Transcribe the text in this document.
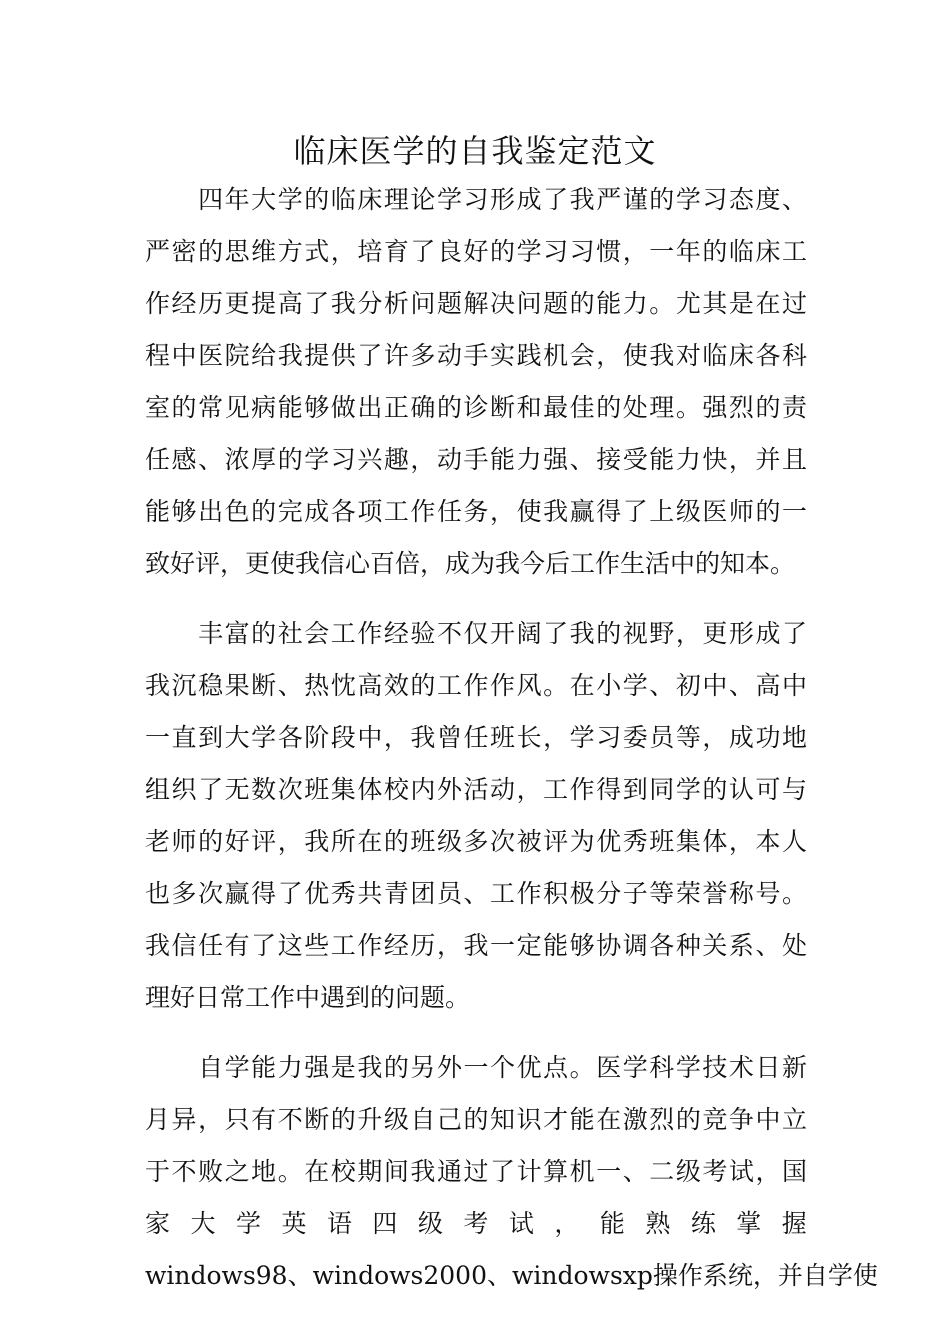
临床医学的自我鉴定范文
　　四年大学的临床理论学习形成了我严谨的学习态度、
严密的思维方式，培育了良好的学习习惯，一年的临床工
作经历更提高了我分析问题解决问题的能力。尤其是在过
程中医院给我提供了许多动手实践机会，使我对临床各科
室的常见病能够做出正确的诊断和最佳的处理。强烈的责
任感、浓厚的学习兴趣，动手能力强、接受能力快，并且
能够出色的完成各项工作任务，使我赢得了上级医师的一
致好评，更使我信心百倍，成为我今后工作生活中的知本。
　　丰富的社会工作经验不仅开阔了我的视野，更形成了
我沉稳果断、热忱高效的工作作风。在小学、初中、高中
一直到大学各阶段中，我曾任班长，学习委员等，成功地
组织了无数次班集体校内外活动，工作得到同学的认可与
老师的好评，我所在的班级多次被评为优秀班集体，本人
也多次赢得了优秀共青团员、工作积极分子等荣誉称号。
我信任有了这些工作经历，我一定能够协调各种关系、处
理好日常工作中遇到的问题。
　　自学能力强是我的另外一个优点。医学科学技术日新
月异，只有不断的升级自己的知识才能在激烈的竞争中立
于不败之地。在校期间我通过了计算机一、二级考试，国
家 大 学 英 语 四 级 考 试 ， 能 熟 练 掌 握
windows98、windows2000、windowsxp操作系统，并自学使
